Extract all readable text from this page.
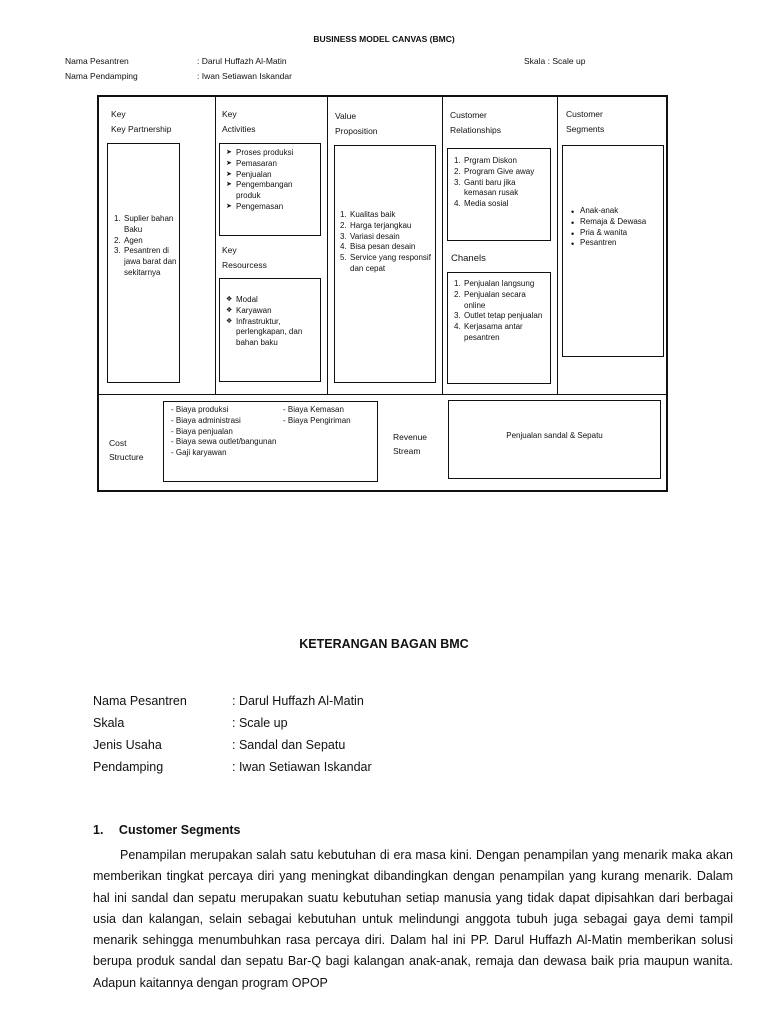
BUSINESS MODEL CANVAS (BMC)
Nama Pesantren	: Darul Huffazh Al-Matin
Nama Pendamping	: Iwan Setiawan Iskandar
Skala : Scale up
Key
Key Partnership
1. Suplier bahan Baku
2. Agen
3. Pesantren di jawa barat dan sekitarnya
Key
Activities
➤ Proses produksi
➤ Pemasaran
➤ Penjualan
➤ Pengembangan produk
➤ Pengemasan
Key
Resourcess
❖ Modal
❖ Karyawan
❖ Infrastruktur, perlengkapan, dan bahan baku
Value
Proposition
1. Kualitas baik
2. Harga terjangkau
3. Variasi desain
4. Bisa pesan desain
5. Service yang responsif dan cepat
Customer
Relationships
1. Prgram Diskon
2. Program Give away
3. Ganti baru jika kemasan rusak
4. Media sosial
Chanels
1. Penjualan langsung
2. Penjualan secara online
3. Outlet tetap penjualan
4. Kerjasama antar pesantren
Customer
Segments
• Anak-anak
• Remaja & Dewasa
• Pria & wanita
• Pesantren
Cost
Structure
- Biaya produksi
- Biaya administrasi
- Biaya penjualan
- Biaya sewa outlet/bangunan
- Gaji karyawan
- Biaya Kemasan
- Biaya Pengiriman
Revenue
Stream
Penjualan sandal & Sepatu
KETERANGAN BAGAN BMC
Nama Pesantren	: Darul Huffazh Al-Matin
Skala	: Scale up
Jenis Usaha	: Sandal dan Sepatu
Pendamping	: Iwan Setiawan Iskandar
1. Customer Segments
Penampilan merupakan salah satu kebutuhan di era masa kini. Dengan penampilan yang menarik maka akan memberikan tingkat percaya diri yang meningkat dibandingkan dengan penampilan yang kurang menarik. Dalam hal ini sandal dan sepatu merupakan suatu kebutuhan setiap manusia yang tidak dapat dipisahkan dari berbagai usia dan kalangan, selain sebagai kebutuhan untuk melindungi anggota tubuh juga sebagai gaya demi tampil menarik sehingga menumbuhkan rasa percaya diri. Dalam hal ini PP. Darul Huffazh Al-Matin memberikan solusi berupa produk sandal dan sepatu Bar-Q bagi kalangan anak-anak, remaja dan dewasa baik pria maupun wanita. Adapun kaitannya dengan program OPOP
